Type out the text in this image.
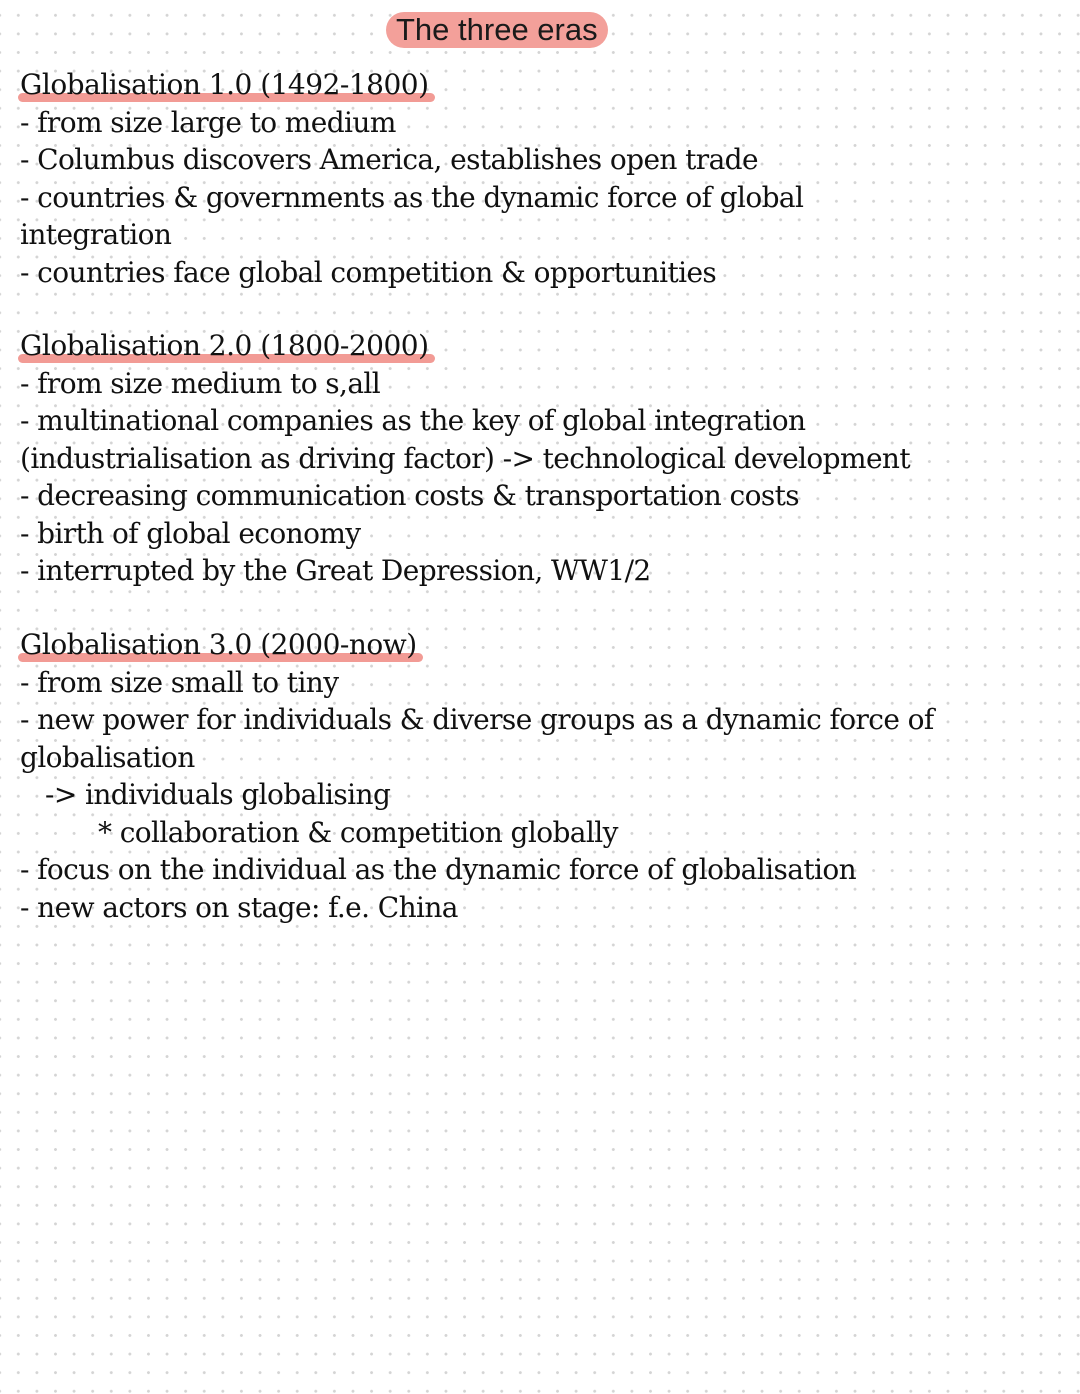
The three eras
Globalisation 1.0 (1492-1800)
- from size large to medium
- Columbus discovers America, establishes open trade
- countries & governments as the dynamic force of global
integration
- countries face global competition & opportunities
Globalisation 2.0 (1800-2000)
- from size medium to s,all
- multinational companies as the key of global integration
(industrialisation as driving factor) -> technological development
- decreasing communication costs & transportation costs
- birth of global economy
- interrupted by the Great Depression, WW1/2
Globalisation 3.0 (2000-now)
- from size small to tiny
- new power for individuals & diverse groups as a dynamic force of
globalisation
-> individuals globalising
* collaboration & competition globally
- focus on the individual as the dynamic force of globalisation
- new actors on stage: f.e. China
